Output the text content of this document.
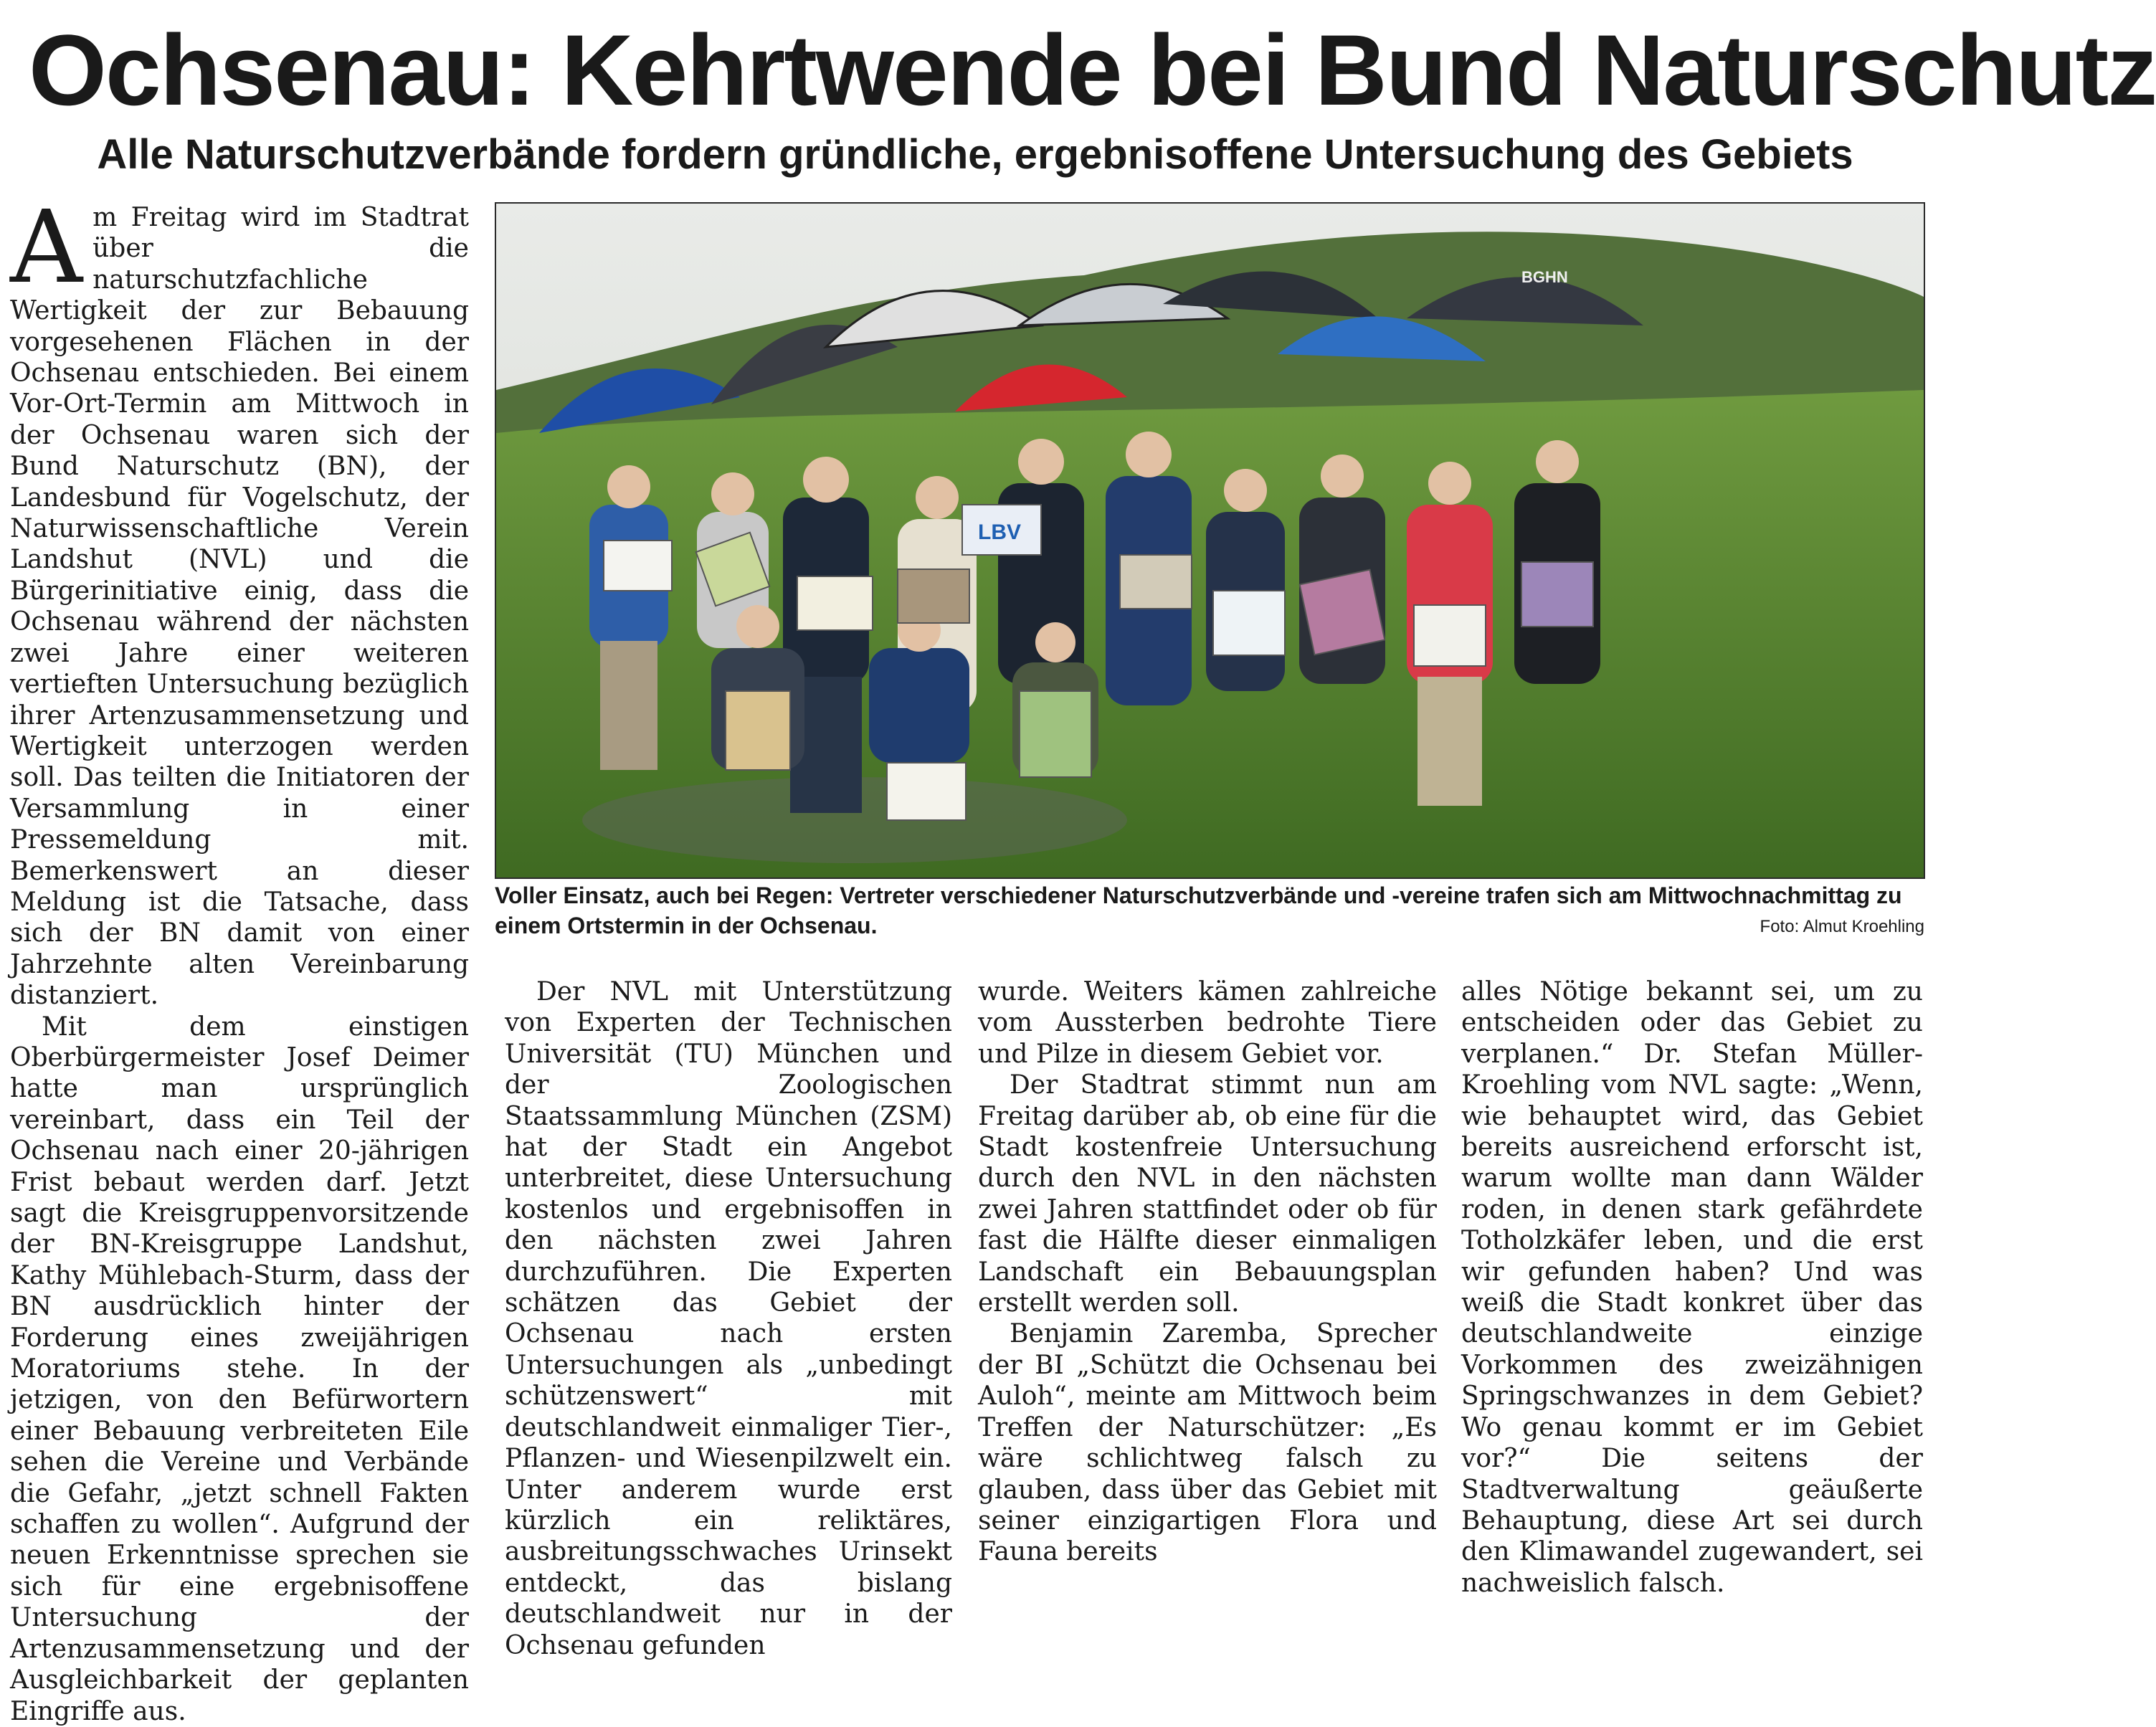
Ochsenau: Kehrtwende bei Bund Naturschutz
Alle Naturschutzverbände fordern gründliche, ergebnisoffene Untersuchung des Gebiets
A m Freitag wird im Stadtrat über die naturschutzfachliche Wertigkeit der zur Bebauung vorgesehenen Flächen in der Ochsenau entschieden. Bei einem Vor-Ort-Termin am Mittwoch in der Ochsenau waren sich der Bund Naturschutz (BN), der Landesbund für Vogelschutz, der Naturwissenschaftliche Verein Landshut (NVL) und die Bürgerinitiative einig, dass die Ochsenau während der nächsten zwei Jahre einer weiteren vertieften Untersuchung bezüglich ihrer Artenzusammensetzung und Wertigkeit unterzogen werden soll. Das teilten die Initiatoren der Versammlung in einer Pressemeldung mit. Bemerkenswert an dieser Meldung ist die Tatsache, dass sich der BN damit von einer Jahrzehnte alten Vereinbarung distanziert.

Mit dem einstigen Oberbürgermeister Josef Deimer hatte man ursprünglich vereinbart, dass ein Teil der Ochsenau nach einer 20-jährigen Frist bebaut werden darf. Jetzt sagt die Kreisgruppenvorsitzende der BN-Kreisgruppe Landshut, Kathy Mühlebach-Sturm, dass der BN ausdrücklich hinter der Forderung eines zweijährigen Moratoriums stehe. In der jetzigen, von den Befürwortern einer Bebauung verbreiteten Eile sehen die Vereine und Verbände die Gefahr, „jetzt schnell Fakten schaffen zu wollen“. Aufgrund der neuen Erkenntnisse sprechen sie sich für eine ergebnisoffene Untersuchung der Artenzusammensetzung und der Ausgleichbarkeit der geplanten Eingriffe aus.

BGHN
LBV

Voller Einsatz, auch bei Regen: Vertreter verschiedener Naturschutzverbände und -vereine trafen sich am Mittwochnachmittag zu einem Ortstermin in der Ochsenau.	Foto: Almut Kroehling

Der NVL mit Unterstützung von Experten der Technischen Universität (TU) München und der Zoologischen Staatssammlung München (ZSM) hat der Stadt ein Angebot unterbreitet, diese Untersuchung kostenlos und ergebnisoffen in den nächsten zwei Jahren durchzuführen. Die Experten schätzen das Gebiet der Ochsenau nach ersten Untersuchungen als „unbedingt schützenswert“ mit deutschlandweit einmaliger Tier-, Pflanzen- und Wiesenpilzwelt ein. Unter anderem wurde erst kürzlich ein reliktäres, ausbreitungsschwaches Urinsekt entdeckt, das bislang deutschlandweit nur in der Ochsenau gefunden

wurde. Weiters kämen zahlreiche vom Aussterben bedrohte Tiere und Pilze in diesem Gebiet vor.

Der Stadtrat stimmt nun am Freitag darüber ab, ob eine für die Stadt kostenfreie Untersuchung durch den NVL in den nächsten zwei Jahren stattfindet oder ob für fast die Hälfte dieser einmaligen Landschaft ein Bebauungsplan erstellt werden soll.

Benjamin Zaremba, Sprecher der BI „Schützt die Ochsenau bei Auloh“, meinte am Mittwoch beim Treffen der Naturschützer: „Es wäre schlichtweg falsch zu glauben, dass über das Gebiet mit seiner einzigartigen Flora und Fauna bereits

alles Nötige bekannt sei, um zu entscheiden oder das Gebiet zu verplanen.“ Dr. Stefan Müller-Kroehling vom NVL sagte: „Wenn, wie behauptet wird, das Gebiet bereits ausreichend erforscht ist, warum wollte man dann Wälder roden, in denen stark gefährdete Totholzkäfer leben, und die erst wir gefunden haben? Und was weiß die Stadt konkret über das deutschlandweite einzige Vorkommen des zweizähnigen Springschwanzes in dem Gebiet? Wo genau kommt er im Gebiet vor?“ Die seitens der Stadtverwaltung geäußerte Behauptung, diese Art sei durch den Klimawandel zugewandert, sei nachweislich falsch.
